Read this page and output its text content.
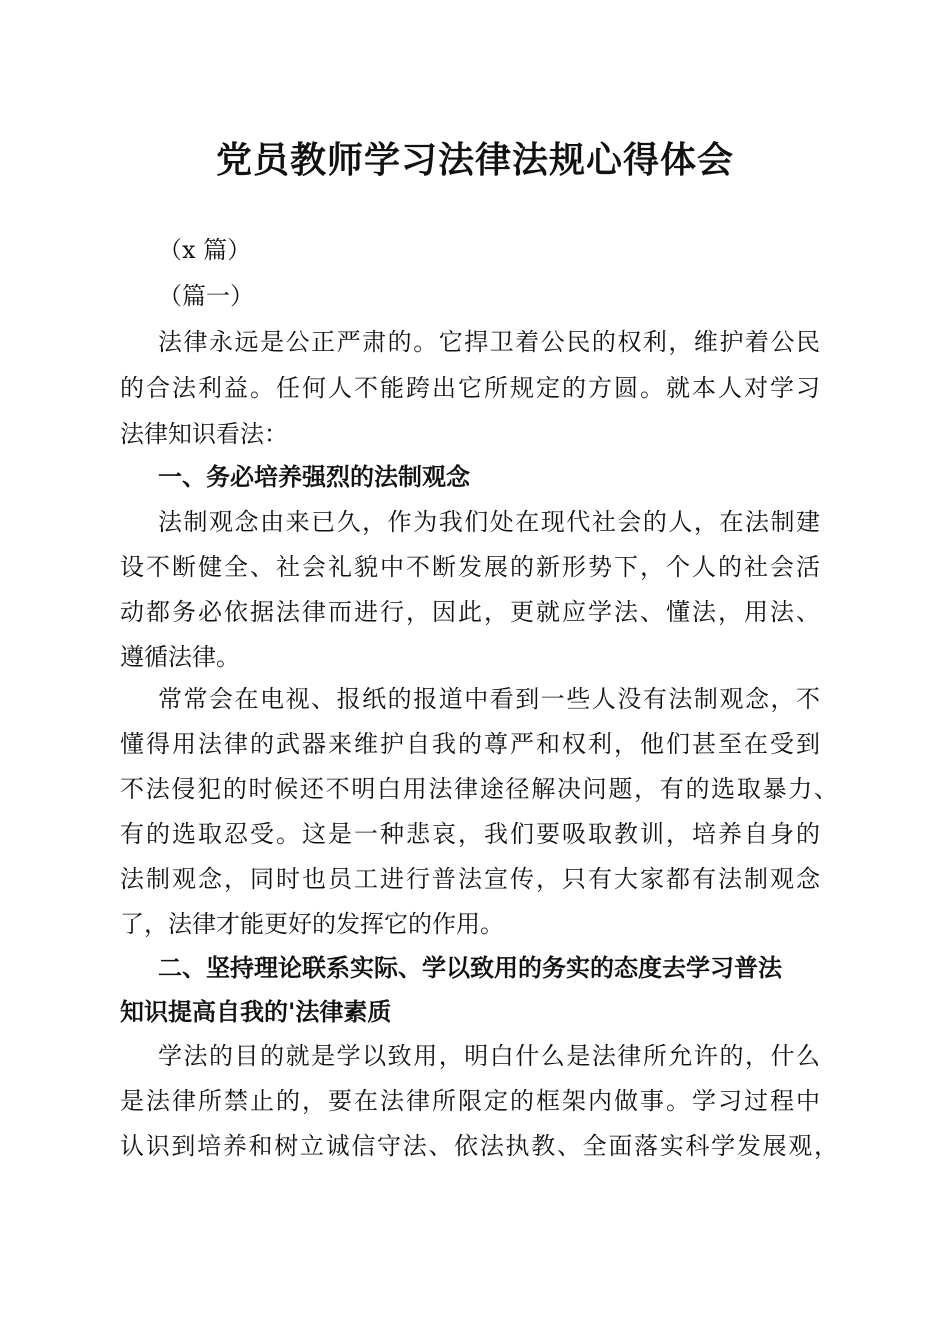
党员教师学习法律法规心得体会
（x 篇）
（篇一）
法律永远是公正严肃的。它捍卫着公民的权利，维护着公民
的合法利益。任何人不能跨出它所规定的方圆。就本人对学习
法律知识看法：
一、务必培养强烈的法制观念
法制观念由来已久，作为我们处在现代社会的人，在法制建
设不断健全、社会礼貌中不断发展的新形势下，个人的社会活
动都务必依据法律而进行，因此，更就应学法、懂法，用法、
遵循法律。
常常会在电视、报纸的报道中看到一些人没有法制观念，不
懂得用法律的武器来维护自我的尊严和权利，他们甚至在受到
不法侵犯的时候还不明白用法律途径解决问题，有的选取暴力、
有的选取忍受。这是一种悲哀，我们要吸取教训，培养自身的
法制观念，同时也员工进行普法宣传，只有大家都有法制观念
了，法律才能更好的发挥它的作用。
二、坚持理论联系实际、学以致用的务实的态度去学习普法
知识提高自我的'法律素质
学法的目的就是学以致用，明白什么是法律所允许的，什么
是法律所禁止的，要在法律所限定的框架内做事。学习过程中
认识到培养和树立诚信守法、依法执教、全面落实科学发展观，
